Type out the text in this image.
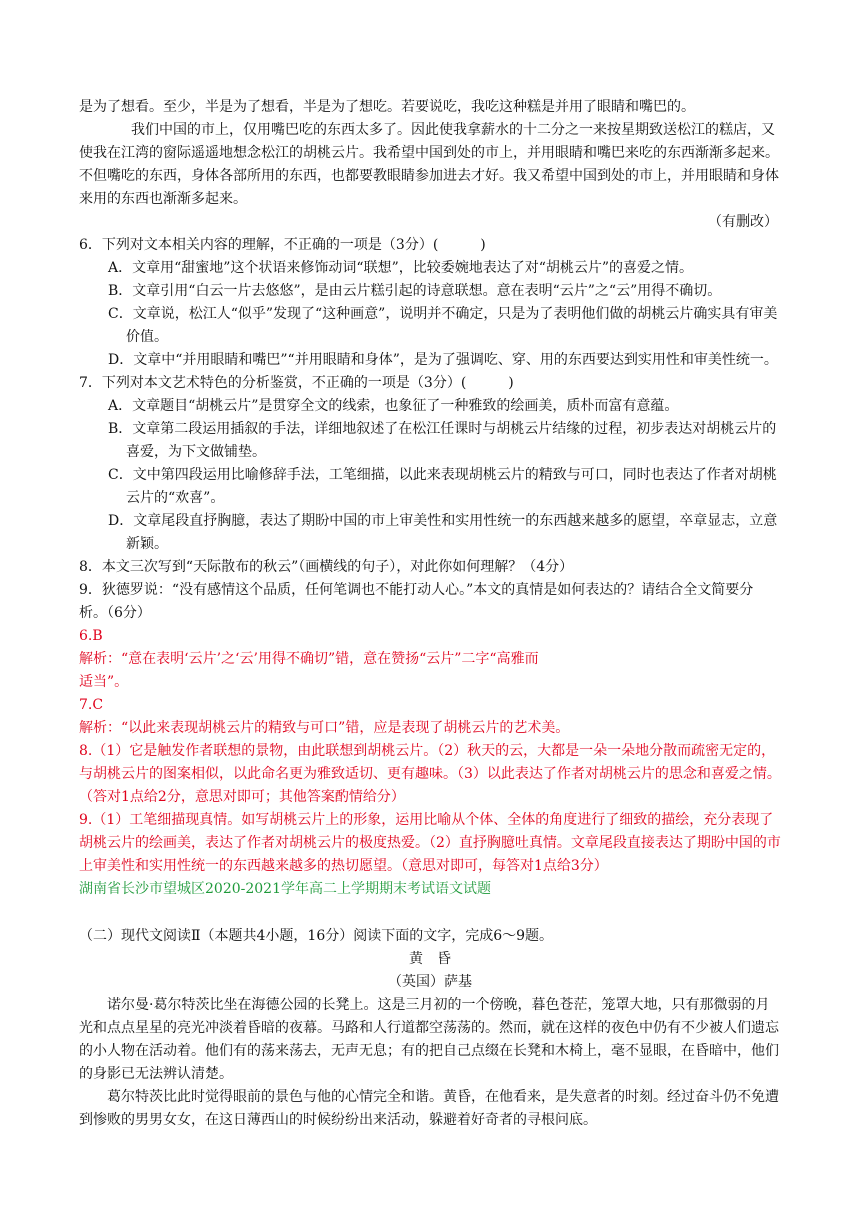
是为了想看。至少，半是为了想看，半是为了想吃。若要说吃，我吃这种糕是并用了眼睛和嘴巴的。

我们中国的市上，仅用嘴巴吃的东西太多了。因此使我拿薪水的十二分之一来按星期致送松江的糕店，又使我在江湾的窗际遥遥地想念松江的胡桃云片。我希望中国到处的市上，并用眼睛和嘴巴来吃的东西渐渐多起来。不但嘴吃的东西，身体各部所用的东西，也都要教眼睛参加进去才好。我又希望中国到处的市上，并用眼睛和身体来用的东西也渐渐多起来。

（有删改）

6．下列对文本相关内容的理解，不正确的一项是（3分）(　　　)

A．文章用“甜蜜地”这个状语来修饰动词“联想”，比较委婉地表达了对“胡桃云片”的喜爱之情。

B．文章引用“白云一片去悠悠”，是由云片糕引起的诗意联想。意在表明“云片”之“云”用得不确切。

C．文章说，松江人“似乎”发现了“这种画意”，说明并不确定，只是为了表明他们做的胡桃云片确实具有审美价值。

D．文章中“并用眼睛和嘴巴”“并用眼睛和身体”，是为了强调吃、穿、用的东西要达到实用性和审美性统一。

7．下列对本文艺术特色的分析鉴赏，不正确的一项是（3分）(　　　)

A．文章题目“胡桃云片”是贯穿全文的线索，也象征了一种雅致的绘画美，质朴而富有意蕴。

B．文章第二段运用插叙的手法，详细地叙述了在松江任课时与胡桃云片结缘的过程，初步表达对胡桃云片的喜爱，为下文做铺垫。

C．文中第四段运用比喻修辞手法，工笔细描，以此来表现胡桃云片的精致与可口，同时也表达了作者对胡桃云片的“欢喜”。

D．文章尾段直抒胸臆，表达了期盼中国的市上审美性和实用性统一的东西越来越多的愿望，卒章显志，立意新颖。

8．本文三次写到“天际散布的秋云”（画横线的句子），对此你如何理解？（4分）

9．狄德罗说：“没有感情这个品质，任何笔调也不能打动人心。”本文的真情是如何表达的？请结合全文简要分析。（6分）

6.B

解析：“意在表明‘云片’之‘云’用得不确切”错，意在赞扬“云片”二字“高雅而

适当”。

7.C

解析：“以此来表现胡桃云片的精致与可口”错，应是表现了胡桃云片的艺术美。

8.（1）它是触发作者联想的景物，由此联想到胡桃云片。（2）秋天的云，大都是一朵一朵地分散而疏密无定的，与胡桃云片的图案相似，以此命名更为雅致适切、更有趣味。（3）以此表达了作者对胡桃云片的思念和喜爱之情。（答对1点给2分，意思对即可；其他答案酌情给分）

9.（1）工笔细描现真情。如写胡桃云片上的形象，运用比喻从个体、全体的角度进行了细致的描绘，充分表现了胡桃云片的绘画美，表达了作者对胡桃云片的极度热爱。（2）直抒胸臆吐真情。文章尾段直接表达了期盼中国的市上审美性和实用性统一的东西越来越多的热切愿望。（意思对即可，每答对1点给3分）

湖南省长沙市望城区2020-2021学年高二上学期期末考试语文试题

（二）现代文阅读Ⅱ（本题共4小题，16分）阅读下面的文字，完成6～9题。

黄　昏

（英国）萨基

诺尔曼·葛尔特茨比坐在海德公园的长凳上。这是三月初的一个傍晚，暮色苍茫，笼罩大地，只有那微弱的月光和点点星星的亮光冲淡着昏暗的夜幕。马路和人行道都空荡荡的。然而，就在这样的夜色中仍有不少被人们遗忘的小人物在活动着。他们有的荡来荡去，无声无息；有的把自己点缀在长凳和木椅上，毫不显眼，在昏暗中，他们的身影已无法辨认清楚。

葛尔特茨比此时觉得眼前的景色与他的心情完全和谐。黄昏，在他看来，是失意者的时刻。经过奋斗仍不免遭到惨败的男男女女，在这日薄西山的时候纷纷出来活动，躲避着好奇者的寻根问底。
